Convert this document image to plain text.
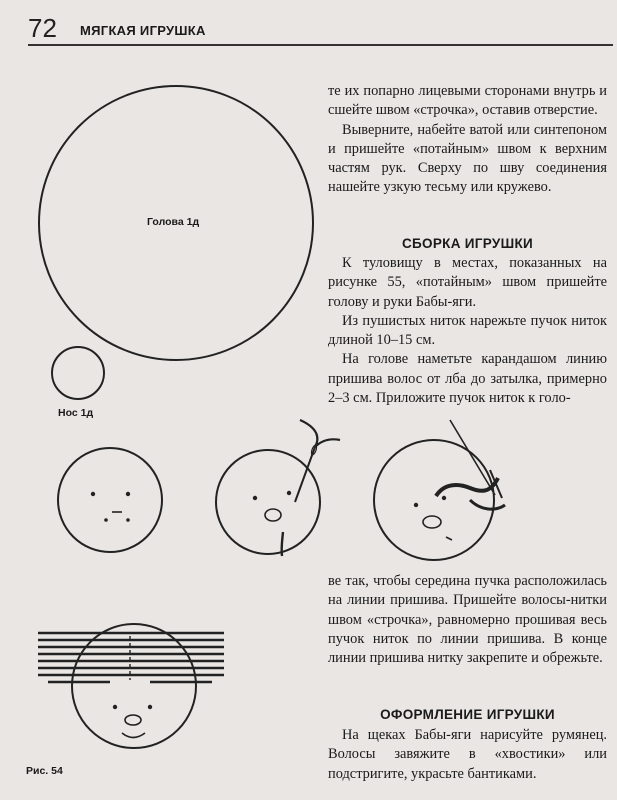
72 МЯГКАЯ ИГРУШКА
Голова 1д
Нос 1д
Рис. 54

те их попарно лицевыми сторонами внутрь и сшейте швом «строчка», оставив отверстие.

Выверните, набейте ватой или синтепоном и пришейте «потайным» швом к верхним частям рук. Сверху по шву соединения нашейте узкую тесьму или кружево.

СБОРКА ИГРУШКИ

К туловищу в местах, показанных на рисунке 55, «потайным» швом пришейте голову и руки Бабы-яги.

Из пушистых ниток нарежьте пучок ниток длиной 10–15 см.

На голове наметьте карандашом линию пришива волос от лба до затылка, примерно 2–3 см. Приложите пучок ниток к голо-

ве так, чтобы середина пучка расположилась на линии пришива. Пришейте волосы-нитки швом «строчка», равномерно прошивая весь пучок ниток по линии пришива. В конце линии пришива нитку закрепите и обрежьте.

ОФОРМЛЕНИЕ ИГРУШКИ

На щеках Бабы-яги нарисуйте румянец. Волосы завяжите в «хвостики» или подстригите, украсьте бантиками.
